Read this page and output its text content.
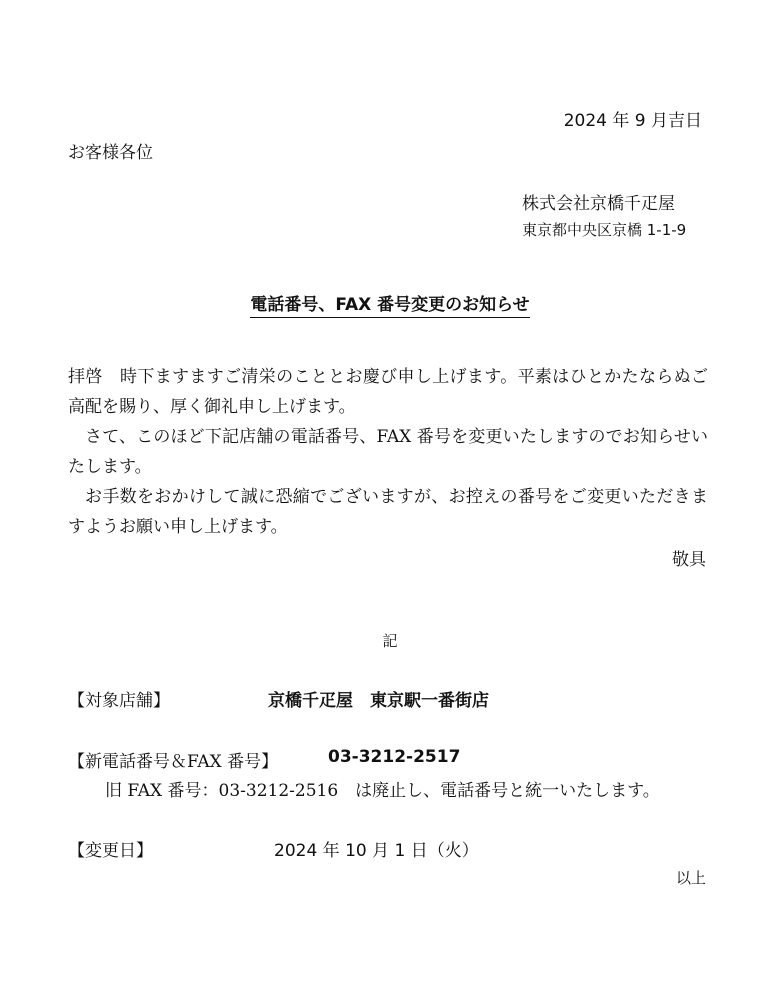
2024 年 9 月吉日
お客様各位
株式会社京橋千疋屋
東京都中央区京橋 1-1-9
電話番号、FAX 番号変更のお知らせ

拝啓　時下ますますご清栄のこととお慶び申し上げます。平素はひとかたならぬご高配を賜り、厚く御礼申し上げます。

さて、このほど下記店舗の電話番号、FAX 番号を変更いたしますのでお知らせいたします。

お手数をおかけして誠に恐縮でございますが、お控えの番号をご変更いただきますようお願い申し上げます。

敬具
記
【対象店舗】	京橋千疋屋　東京駅一番街店
【新電話番号＆FAX 番号】	03-3212-2517
旧 FAX 番号：03-3212-2516　は廃止し、電話番号と統一いたします。
【変更日】	2024 年 10 月 1 日（火）
以上
